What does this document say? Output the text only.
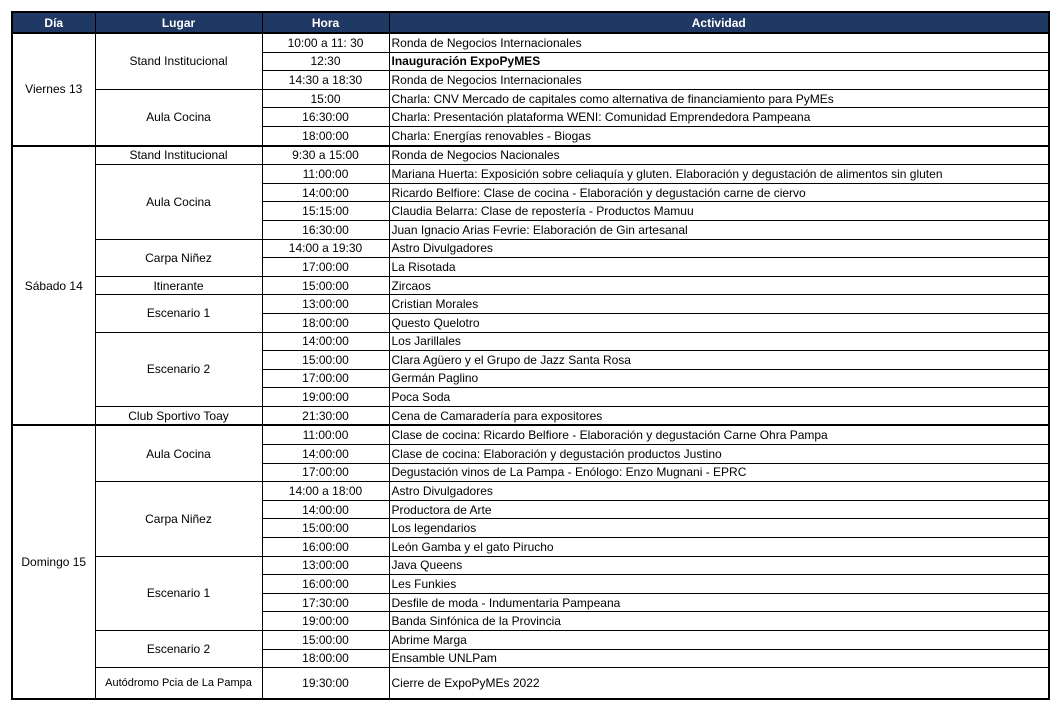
Día	Lugar	Hora	Actividad
Viernes 13	Stand Institucional	10:00 a 11: 30	Ronda de Negocios Internacionales
		12:30	Inauguración ExpoPyMES
		14:30 a 18:30	Ronda de Negocios Internacionales
	Aula Cocina	15:00	Charla: CNV Mercado de capitales como alternativa de financiamiento para PyMEs
		16:30:00	Charla: Presentación plataforma WENI: Comunidad Emprendedora Pampeana
		18:00:00	Charla: Energías renovables - Biogas
Sábado 14	Stand Institucional	9:30 a 15:00	Ronda de Negocios Nacionales
	Aula Cocina	11:00:00	Mariana Huerta: Exposición sobre celiaquía y gluten. Elaboración y degustación de alimentos sin gluten
		14:00:00	Ricardo Belfiore: Clase de cocina - Elaboración y degustación carne de ciervo
		15:15:00	Claudia Belarra: Clase de repostería - Productos Mamuu
		16:30:00	Juan Ignacio Arias Fevrie: Elaboración de Gin artesanal
	Carpa Niñez	14:00 a 19:30	Astro Divulgadores
		17:00:00	La Risotada
	Itinerante	15:00:00	Zircaos
	Escenario 1	13:00:00	Cristian Morales
		18:00:00	Questo Quelotro
	Escenario 2	14:00:00	Los Jarillales
		15:00:00	Clara Agüero y el Grupo de Jazz Santa Rosa
		17:00:00	Germán Paglino
		19:00:00	Poca Soda
	Club Sportivo Toay	21:30:00	Cena de Camaradería para expositores
Domingo 15	Aula Cocina	11:00:00	Clase de cocina: Ricardo Belfiore - Elaboración y degustación Carne Ohra Pampa
		14:00:00	Clase de cocina: Elaboración y degustación productos Justino
		17:00:00	Degustación vinos de La Pampa - Enólogo: Enzo Mugnani - EPRC
	Carpa Niñez	14:00 a 18:00	Astro Divulgadores
		14:00:00	Productora de Arte
		15:00:00	Los legendarios
		16:00:00	León Gamba y el gato Pirucho
	Escenario 1	13:00:00	Java Queens
		16:00:00	Les Funkies
		17:30:00	Desfile de moda - Indumentaria Pampeana
		19:00:00	Banda Sinfónica de la Provincia
	Escenario 2	15:00:00	Abrime Marga
		18:00:00	Ensamble UNLPam
	Autódromo Pcia de La Pampa	19:30:00	Cierre de ExpoPyMEs 2022
